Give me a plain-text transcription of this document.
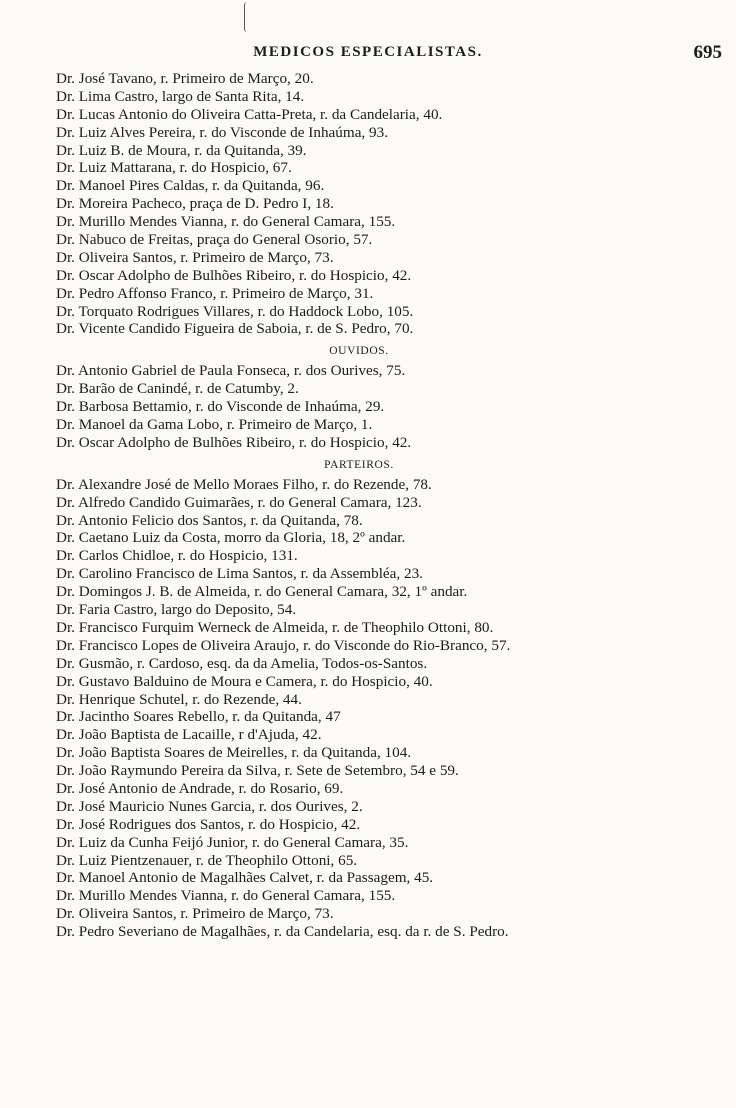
MEDICOS ESPECIALISTAS.	695
Dr. José Tavano, r. Primeiro de Março, 20.
Dr. Lima Castro, largo de Santa Rita, 14.
Dr. Lucas Antonio do Oliveira Catta-Preta, r. da Candelaria, 40.
Dr. Luiz Alves Pereira, r. do Visconde de Inhaúma, 93.
Dr. Luiz B. de Moura, r. da Quitanda, 39.
Dr. Luiz Mattarana, r. do Hospicio, 67.
Dr. Manoel Pires Caldas, r. da Quitanda, 96.
Dr. Moreira Pacheco, praça de D. Pedro I, 18.
Dr. Murillo Mendes Vianna, r. do General Camara, 155.
Dr. Nabuco de Freitas, praça do General Osorio, 57.
Dr. Oliveira Santos, r. Primeiro de Março, 73.
Dr. Oscar Adolpho de Bulhões Ribeiro, r. do Hospicio, 42.
Dr. Pedro Affonso Franco, r. Primeiro de Março, 31.
Dr. Torquato Rodrigues Villares, r. do Haddock Lobo, 105.
Dr. Vicente Candido Figueira de Saboia, r. de S. Pedro, 70.
OUVIDOS.
Dr. Antonio Gabriel de Paula Fonseca, r. dos Ourives, 75.
Dr. Barão de Canindé, r. de Catumby, 2.
Dr. Barbosa Bettamio, r. do Visconde de Inhaúma, 29.
Dr. Manoel da Gama Lobo, r. Primeiro de Março, 1.
Dr. Oscar Adolpho de Bulhões Ribeiro, r. do Hospicio, 42.
PARTEIROS.
Dr. Alexandre José de Mello Moraes Filho, r. do Rezende, 78.
Dr. Alfredo Candido Guimarães, r. do General Camara, 123.
Dr. Antonio Felicio dos Santos, r. da Quitanda, 78.
Dr. Caetano Luiz da Costa, morro da Gloria, 18, 2º andar.
Dr. Carlos Chidloe, r. do Hospicio, 131.
Dr. Carolino Francisco de Lima Santos, r. da Assembléa, 23.
Dr. Domingos J. B. de Almeida, r. do General Camara, 32, 1º andar.
Dr. Faria Castro, largo do Deposito, 54.
Dr. Francisco Furquim Werneck de Almeida, r. de Theophilo Ottoni, 80.
Dr. Francisco Lopes de Oliveira Araujo, r. do Visconde do Rio-Branco, 57.
Dr. Gusmão, r. Cardoso, esq. da da Amelia, Todos-os-Santos.
Dr. Gustavo Balduino de Moura e Camera, r. do Hospicio, 40.
Dr. Henrique Schutel, r. do Rezende, 44.
Dr. Jacintho Soares Rebello, r. da Quitanda, 47
Dr. João Baptista de Lacaille, r d'Ajuda, 42.
Dr. João Baptista Soares de Meirelles, r. da Quitanda, 104.
Dr. João Raymundo Pereira da Silva, r. Sete de Setembro, 54 e 59.
Dr. José Antonio de Andrade, r. do Rosario, 69.
Dr. José Mauricio Nunes Garcia, r. dos Ourives, 2.
Dr. José Rodrigues dos Santos, r. do Hospicio, 42.
Dr. Luiz da Cunha Feijó Junior, r. do General Camara, 35.
Dr. Luiz Pientzenauer, r. de Theophilo Ottoni, 65.
Dr. Manoel Antonio de Magalhães Calvet, r. da Passagem, 45.
Dr. Murillo Mendes Vianna, r. do General Camara, 155.
Dr. Oliveira Santos, r. Primeiro de Março, 73.
Dr. Pedro Severiano de Magalhães, r. da Candelaria, esq. da r. de S. Pedro.
